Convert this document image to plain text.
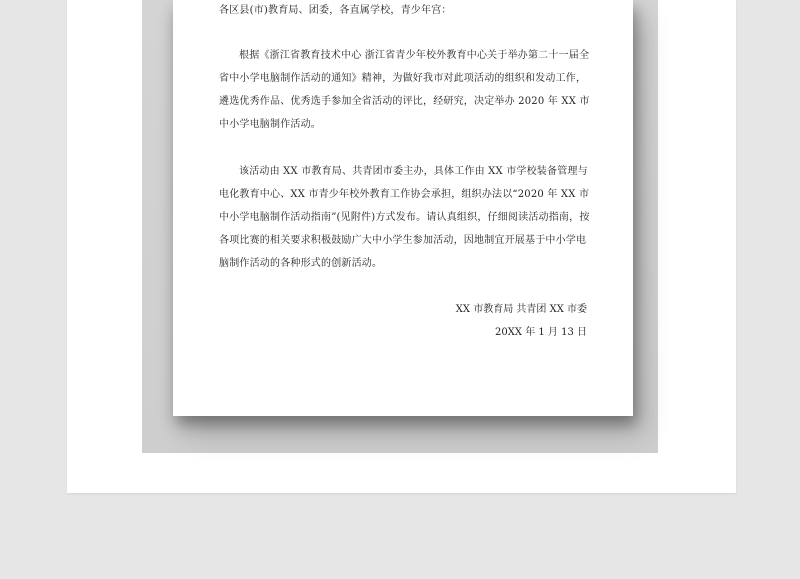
各区县(市)教育局、团委，各直属学校，青少年宫：

根据《浙江省教育技术中心 浙江省青少年校外教育中心关于举办第二十一届全省中小学电脑制作活动的通知》精神，为做好我市对此项活动的组织和发动工作，遴选优秀作品、优秀选手参加全省活动的评比，经研究，决定举办 2020 年 XX 市中小学电脑制作活动。

该活动由 XX 市教育局、共青团市委主办，具体工作由 XX 市学校装备管理与电化教育中心、XX 市青少年校外教育工作协会承担，组织办法以“2020 年 XX 市中小学电脑制作活动指南”(见附件)方式发布。请认真组织，仔细阅读活动指南，按各项比赛的相关要求积极鼓励广大中小学生参加活动，因地制宜开展基于中小学电脑制作活动的各种形式的创新活动。

XX 市教育局 共青团 XX 市委
20XX 年 1 月 13 日
